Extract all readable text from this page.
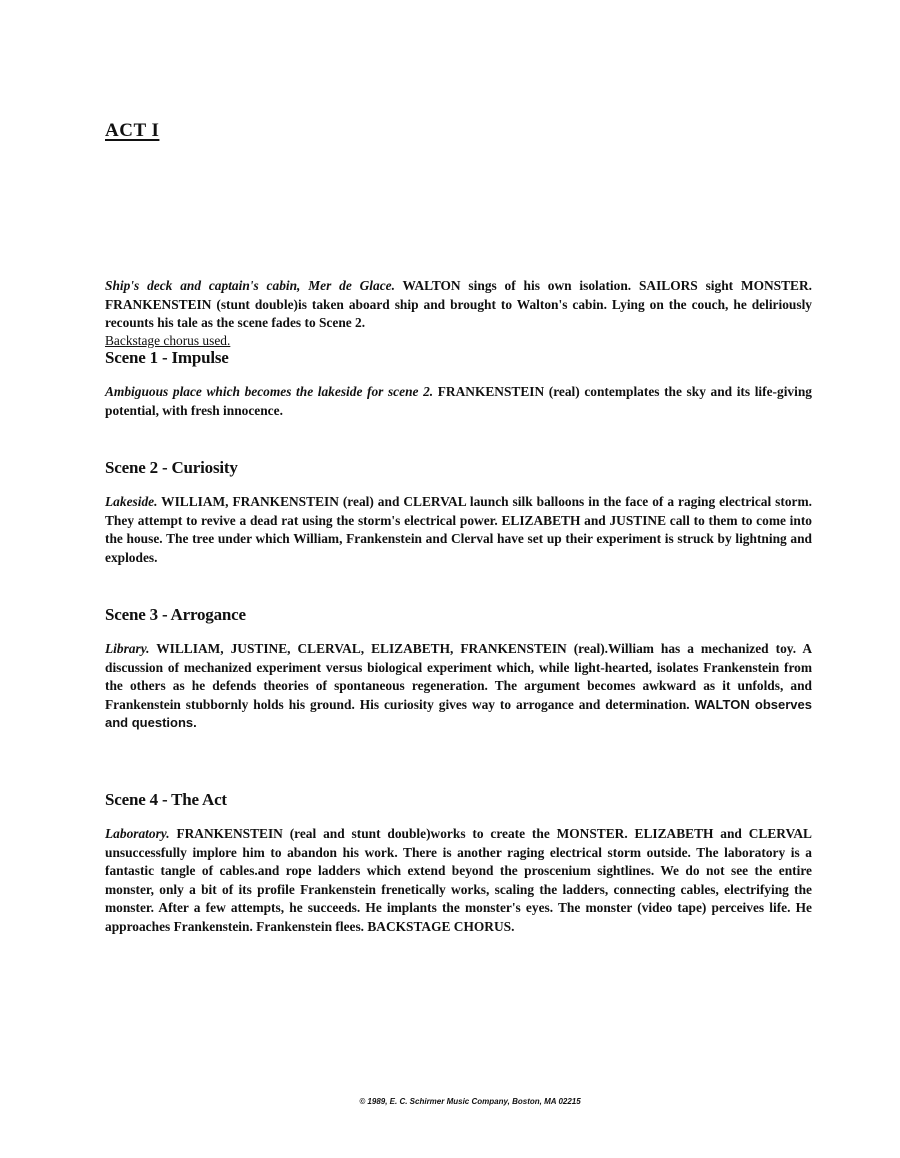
ACT I

Ship's deck and captain's cabin, Mer de Glace. WALTON sings of his own isolation. SAILORS sight MONSTER. FRANKENSTEIN (stunt double)is taken aboard ship and brought to Walton's cabin. Lying on the couch, he deliriously recounts his tale as the scene fades to Scene 2.

Backstage chorus used.

Scene 1 - Impulse

Ambiguous place which becomes the lakeside for scene 2. FRANKENSTEIN (real) contemplates the sky and its life-giving potential, with fresh innocence.

Scene 2 - Curiosity

Lakeside. WILLIAM, FRANKENSTEIN (real) and CLERVAL launch silk balloons in the face of a raging electrical storm. They attempt to revive a dead rat using the storm's electrical power. ELIZABETH and JUSTINE call to them to come into the house. The tree under which William, Frankenstein and Clerval have set up their experiment is struck by lightning and explodes.

Scene 3 - Arrogance

Library. WILLIAM, JUSTINE, CLERVAL, ELIZABETH, FRANKENSTEIN (real).William has a mechanized toy. A discussion of mechanized experiment versus biological experiment which, while light-hearted, isolates Frankenstein from the others as he defends theories of spontaneous regeneration. The argument becomes awkward as it unfolds, and Frankenstein stubbornly holds his ground. His curiosity gives way to arrogance and determination. WALTON observes and questions.

Scene 4 - The Act

Laboratory. FRANKENSTEIN (real and stunt double)works to create the MONSTER. ELIZABETH and CLERVAL unsuccessfully implore him to abandon his work. There is another raging electrical storm outside. The laboratory is a fantastic tangle of cables.and rope ladders which extend beyond the proscenium sightlines. We do not see the entire monster, only a bit of its profile Frankenstein frenetically works, scaling the ladders, connecting cables, electrifying the monster. After a few attempts, he succeeds. He implants the monster's eyes. The monster (video tape) perceives life. He approaches Frankenstein. Frankenstein flees. BACKSTAGE CHORUS.

© 1989, E. C. Schirmer Music Company, Boston, MA 02215
